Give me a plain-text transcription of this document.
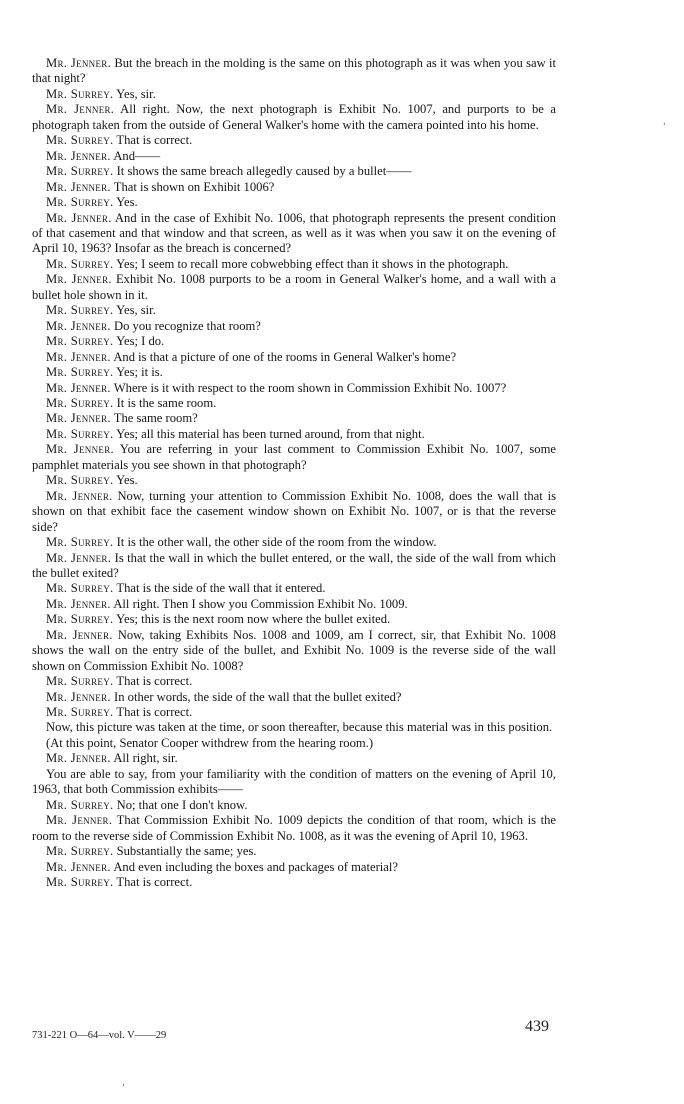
Mr. Jenner. But the breach in the molding is the same on this photograph as it was when you saw it that night?

Mr. Surrey. Yes, sir.

Mr. Jenner. All right. Now, the next photograph is Exhibit No. 1007, and purports to be a photograph taken from the outside of General Walker's home with the camera pointed into his home.

Mr. Surrey. That is correct.

Mr. Jenner. And——

Mr. Surrey. It shows the same breach allegedly caused by a bullet——

Mr. Jenner. That is shown on Exhibit 1006?

Mr. Surrey. Yes.

Mr. Jenner. And in the case of Exhibit No. 1006, that photograph represents the present condition of that casement and that window and that screen, as well as it was when you saw it on the evening of April 10, 1963? Insofar as the breach is concerned?

Mr. Surrey. Yes; I seem to recall more cobwebbing effect than it shows in the photograph.

Mr. Jenner. Exhibit No. 1008 purports to be a room in General Walker's home, and a wall with a bullet hole shown in it.

Mr. Surrey. Yes, sir.

Mr. Jenner. Do you recognize that room?

Mr. Surrey. Yes; I do.

Mr. Jenner. And is that a picture of one of the rooms in General Walker's home?

Mr. Surrey. Yes; it is.

Mr. Jenner. Where is it with respect to the room shown in Commission Exhibit No. 1007?

Mr. Surrey. It is the same room.

Mr. Jenner. The same room?

Mr. Surrey. Yes; all this material has been turned around, from that night.

Mr. Jenner. You are referring in your last comment to Commission Exhibit No. 1007, some pamphlet materials you see shown in that photograph?

Mr. Surrey. Yes.

Mr. Jenner. Now, turning your attention to Commission Exhibit No. 1008, does the wall that is shown on that exhibit face the casement window shown on Exhibit No. 1007, or is that the reverse side?

Mr. Surrey. It is the other wall, the other side of the room from the window.

Mr. Jenner. Is that the wall in which the bullet entered, or the wall, the side of the wall from which the bullet exited?

Mr. Surrey. That is the side of the wall that it entered.

Mr. Jenner. All right. Then I show you Commission Exhibit No. 1009.

Mr. Surrey. Yes; this is the next room now where the bullet exited.

Mr. Jenner. Now, taking Exhibits Nos. 1008 and 1009, am I correct, sir, that Exhibit No. 1008 shows the wall on the entry side of the bullet, and Exhibit No. 1009 is the reverse side of the wall shown on Commission Exhibit No. 1008?

Mr. Surrey. That is correct.

Mr. Jenner. In other words, the side of the wall that the bullet exited?

Mr. Surrey. That is correct.

Now, this picture was taken at the time, or soon thereafter, because this material was in this position.

(At this point, Senator Cooper withdrew from the hearing room.)

Mr. Jenner. All right, sir.

You are able to say, from your familiarity with the condition of matters on the evening of April 10, 1963, that both Commission exhibits——

Mr. Surrey. No; that one I don't know.

Mr. Jenner. That Commission Exhibit No. 1009 depicts the condition of that room, which is the room to the reverse side of Commission Exhibit No. 1008, as it was the evening of April 10, 1963.

Mr. Surrey. Substantially the same; yes.

Mr. Jenner. And even including the boxes and packages of material?

Mr. Surrey. That is correct.

731-221 O—64—vol. V——29
439
'
,
